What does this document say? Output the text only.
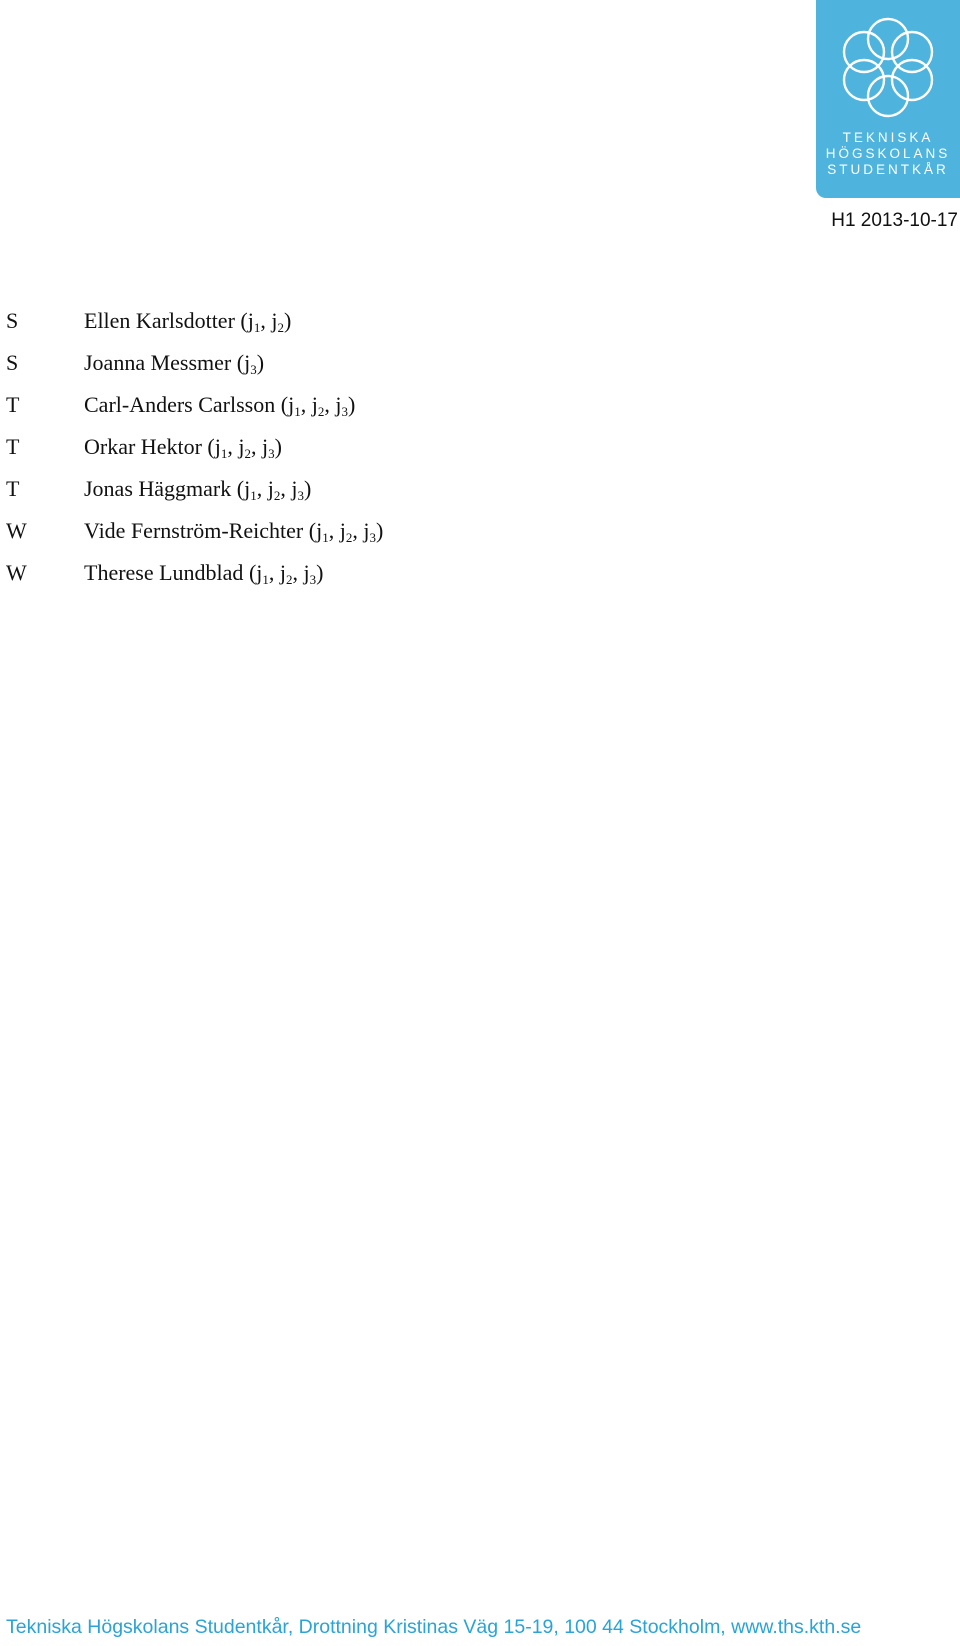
TEKNISKA
HÖGSKOLANS
STUDENTKÅR
H1 2013-10-17
S	Ellen Karlsdotter ($j_1$, $j_2$)
S	Joanna Messmer $(j_3)$
T	Carl-Anders Carlsson ($j_1$, $j_2$, $j_3$)
T	Orkar Hektor ($j_1$, $j_2$, $j_3$)
T	Jonas Häggmark ($j_1$, $j_2$, $j_3$)
W	Vide Fernström-Reichter ($j_1$, $j_2$, $j_3$)
W	Therese Lundblad ($j_1$, $j_2$, $j_3$)
Tekniska Högskolans Studentkår, Drottning Kristinas Väg 15-19, 100 44 Stockholm, www.ths.kth.se
